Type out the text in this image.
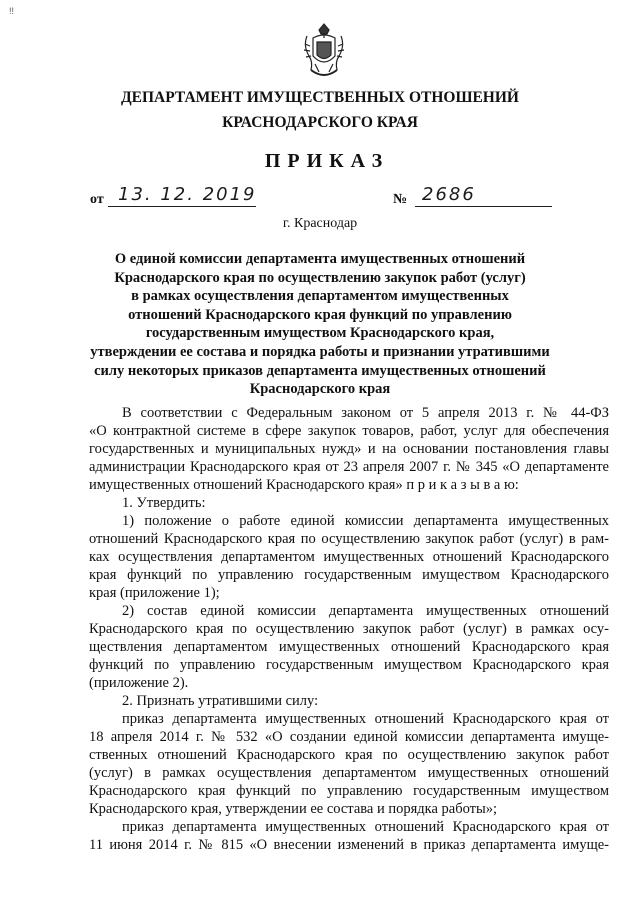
!!
ДЕПАРТАМЕНТ ИМУЩЕСТВЕННЫХ ОТНОШЕНИЙ
КРАСНОДАРСКОГО КРАЯ
ПРИКАЗ
от 13. 12. 2019	№ 2686
г. Краснодар
О единой комиссии департамента имущественных отношений
Краснодарского края по осуществлению закупок работ (услуг)
в рамках осуществления департаментом имущественных
отношений Краснодарского края функций по управлению
государственным имуществом Краснодарского края,
утверждении ее состава и порядка работы и признании утратившими
силу некоторых приказов департамента имущественных отношений
Краснодарского края
В соответствии с Федеральным законом от 5 апреля 2013 г. № 44-ФЗ
«О контрактной системе в сфере закупок товаров, работ, услуг для обеспечения
государственных и муниципальных нужд» и на основании постановления главы
администрации Краснодарского края от 23 апреля 2007 г. № 345 «О департаменте
имущественных отношений Краснодарского края» п р и к а з ы в а ю:
1. Утвердить:
1) положение о работе единой комиссии департамента имущественных
отношений Краснодарского края по осуществлению закупок работ (услуг) в рам-
ках осуществления департаментом имущественных отношений Краснодарского
края функций по управлению государственным имуществом Краснодарского
края (приложение 1);
2) состав единой комиссии департамента имущественных отношений
Краснодарского края по осуществлению закупок работ (услуг) в рамках осу-
ществления департаментом имущественных отношений Краснодарского края
функций по управлению государственным имуществом Краснодарского края
(приложение 2).
2. Признать утратившими силу:
приказ департамента имущественных отношений Краснодарского края от
18 апреля 2014 г. № 532 «О создании единой комиссии департамента имуще-
ственных отношений Краснодарского края по осуществлению закупок работ
(услуг) в рамках осуществления департаментом имущественных отношений
Краснодарского края функций по управлению государственным имуществом
Краснодарского края, утверждении ее состава и порядка работы»;
приказ департамента имущественных отношений Краснодарского края от
11 июня 2014 г. № 815 «О внесении изменений в приказ департамента имуще-
